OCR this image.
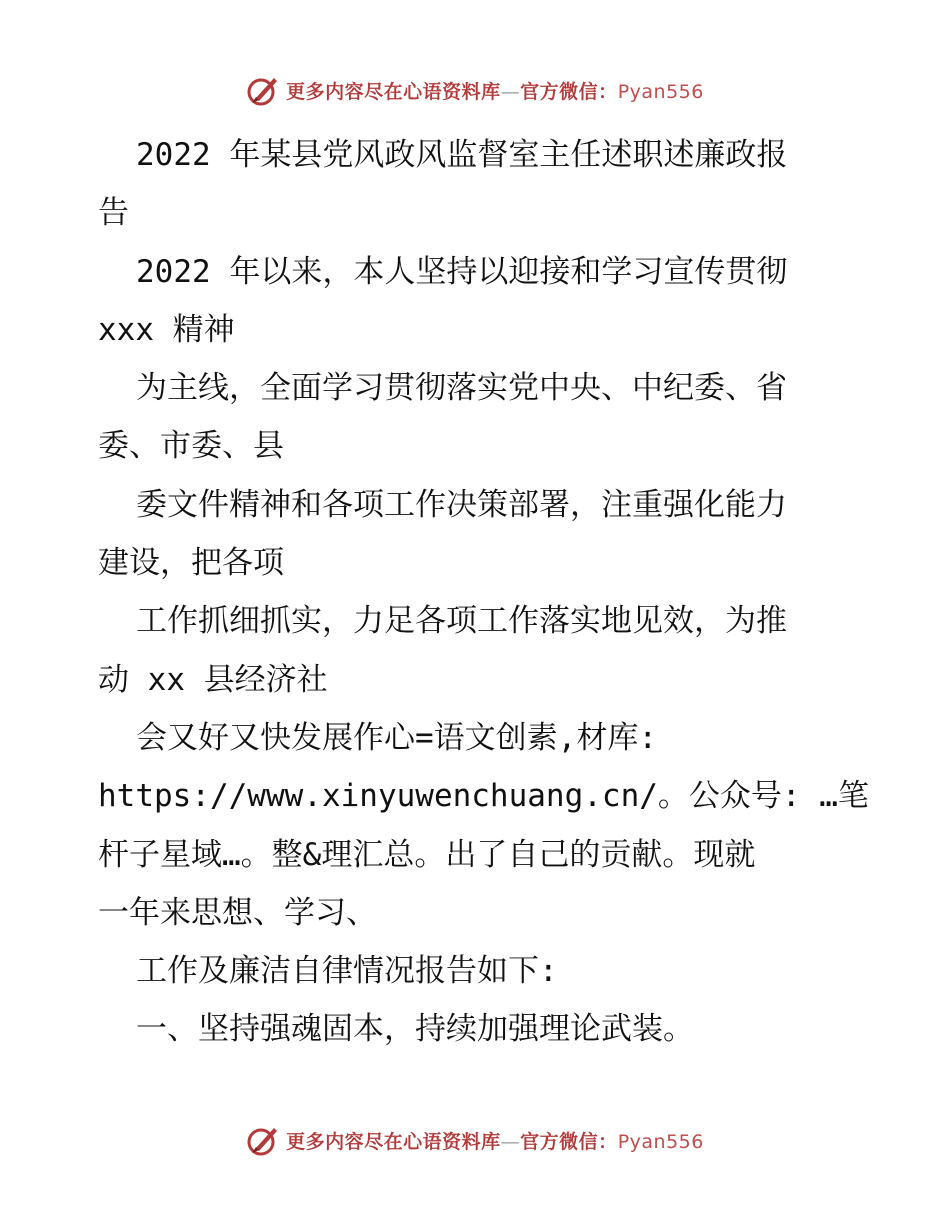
更多内容尽在心语资料库—官方微信：Pyan556
2022 年某县党风政风监督室主任述职述廉政报
告
2022 年以来，本人坚持以迎接和学习宣传贯彻
xxx 精神
为主线，全面学习贯彻落实党中央、中纪委、省
委、市委、县
委文件精神和各项工作决策部署，注重强化能力
建设，把各项
工作抓细抓实，力足各项工作落实地见效，为推
动 xx 县经济社
会又好又快发展作心=语文创素,材库:
https://www.xinyuwenchuang.cn/。公众号: …笔
杆子星域…。整&理汇总。出了自己的贡献。现就
一年来思想、学习、
工作及廉洁自律情况报告如下:
一、坚持强魂固本，持续加强理论武装。
更多内容尽在心语资料库—官方微信：Pyan556
